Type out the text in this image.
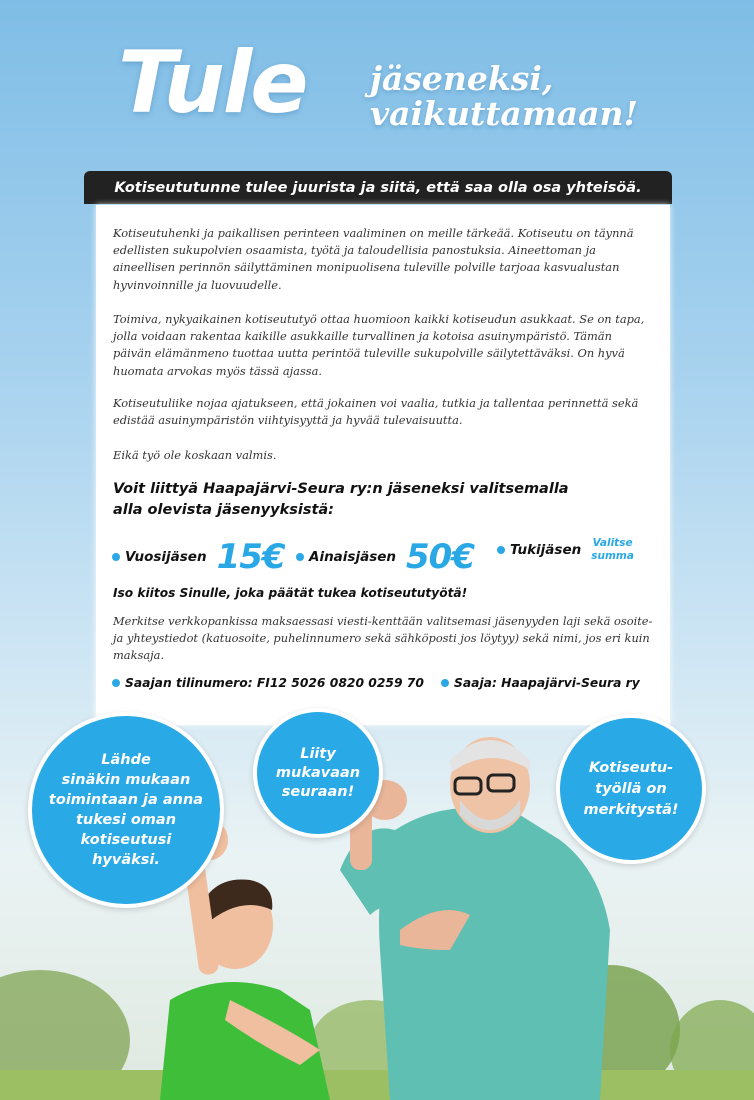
Tule jäseneksi,
vaikuttamaan!
Kotiseututunne tulee juurista ja siitä, että saa olla osa yhteisöä.
Kotiseutuhenki ja paikallisen perinteen vaaliminen on meille tärkeää. Kotiseutu on täynnä edellisten sukupolvien osaamista, työtä ja taloudellisia panostuksia. Aineettoman ja aineellisen perinnön säilyttäminen monipuolisena tuleville polville tarjoaa kasvualustan hyvinvoinnille ja luovuudelle.
Toimiva, nykyaikainen kotiseututyö ottaa huomioon kaikki kotiseudun asukkaat. Se on tapa, jolla voidaan rakentaa kaikille asukkaille turvallinen ja kotoisa asuinympäristö. Tämän päivän elämänmeno tuottaa uutta perintöä tuleville sukupolville säilytettäväksi. On hyvä huomata arvokas myös tässä ajassa.
Kotiseutuliike nojaa ajatukseen, että jokainen voi vaalia, tutkia ja tallentaa perinnettä sekä edistää asuinympäristön viihtyisyyttä ja hyvää tulevaisuutta.
Eikä työ ole koskaan valmis.
Voit liittyä Haapajärvi-Seura ry:n jäseneksi valitsemalla
alla olevista jäsenyyksistä:
Vuosijäsen 15€ Ainaisjäsen 50€	Tukijäsen Valitse
summa
Iso kiitos Sinulle, joka päätät tukea kotiseututyötä!
Merkitse verkkopankissa maksaessasi viesti-kenttään valitsemasi jäsenyyden laji sekä osoite- ja yhteystiedot (katuosoite, puhelinnumero sekä sähköposti jos löytyy) sekä nimi, jos eri kuin maksaja.
Saajan tilinumero: FI12 5026 0820 0259 70 Saaja: Haapajärvi-Seura ry
Lähde
sinäkin mukaan
toimintaan ja anna
tukesi oman
kotiseutusi
hyväksi.
Liity
mukavaan
seuraan!
Kotiseutu-
työllä on
merkitystä!
